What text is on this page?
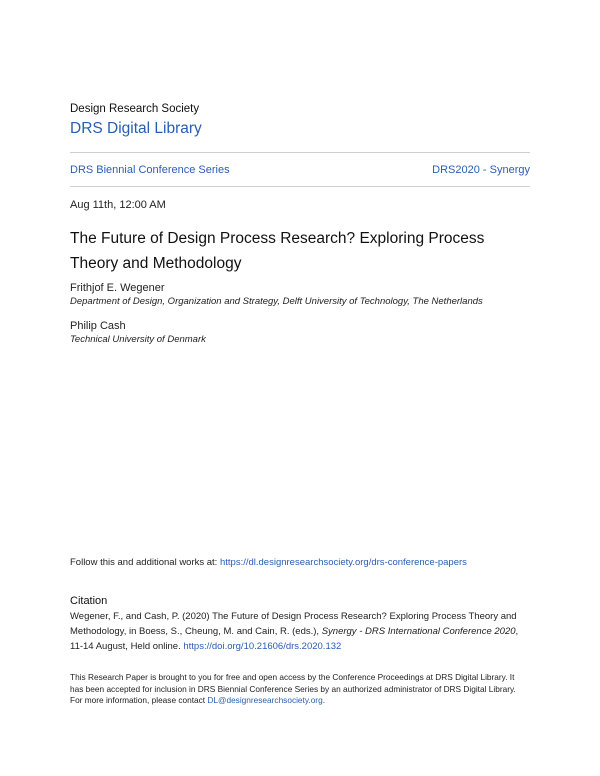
Design Research Society
DRS Digital Library
DRS Biennial Conference Series	DRS2020 - Synergy
Aug 11th, 12:00 AM
The Future of Design Process Research? Exploring Process Theory and Methodology
Frithjof E. Wegener
Department of Design, Organization and Strategy, Delft University of Technology, The Netherlands
Philip Cash
Technical University of Denmark
Follow this and additional works at: https://dl.designresearchsociety.org/drs-conference-papers
Citation
Wegener, F., and Cash, P. (2020) The Future of Design Process Research? Exploring Process Theory and Methodology, in Boess, S., Cheung, M. and Cain, R. (eds.), Synergy - DRS International Conference 2020, 11-14 August, Held online. https://doi.org/10.21606/drs.2020.132
This Research Paper is brought to you for free and open access by the Conference Proceedings at DRS Digital Library. It has been accepted for inclusion in DRS Biennial Conference Series by an authorized administrator of DRS Digital Library. For more information, please contact DL@designresearchsociety.org.
